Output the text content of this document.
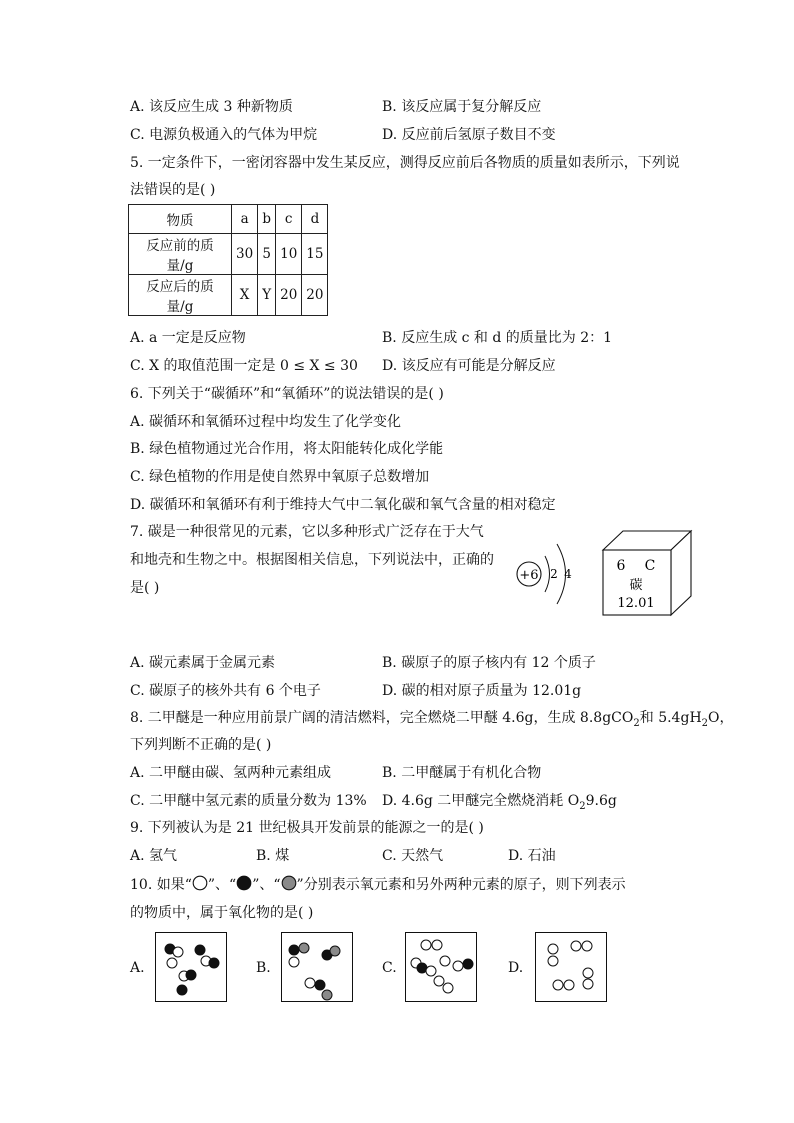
A. 该反应生成 3 种新物质	B. 该反应属于复分解反应
C. 电源负极通入的气体为甲烷	D. 反应前后氢原子数目不变
5. 一定条件下，一密闭容器中发生某反应，测得反应前后各物质的质量如表所示，下列说
法错误的是( )
物质	a	b	c	d
反应前的质量/g	30	5	10	15
反应后的质量/g	X	Y	20	20
A. a 一定是反应物	B. 反应生成 c 和 d 的质量比为 2：1
C. X 的取值范围一定是 0 ≤ X ≤ 30 D. 该反应有可能是分解反应
6. 下列关于“碳循环”和“氧循环”的说法错误的是( )
A. 碳循环和氧循环过程中均发生了化学变化
B. 绿色植物通过光合作用，将太阳能转化成化学能
C. 绿色植物的作用是使自然界中氧原子总数增加
D. 碳循环和氧循环有利于维持大气中二氧化碳和氧气含量的相对稳定
7. 碳是一种很常见的元素，它以多种形式广泛存在于大气
和地壳和生物之中。根据图相关信息，下列说法中，正确的
是( )
+6 2 4	6 C
碳
12.01
A. 碳元素属于金属元素	B. 碳原子的原子核内有 12 个质子
C. 碳原子的核外共有 6 个电子	D. 碳的相对原子质量为 12.01g
8. 二甲醚是一种应用前景广阔的清洁燃料，完全燃烧二甲醚 4.6g，生成 8.8gCO$_2$和 $5.4gH_2O$，
下列判断不正确的是( )
A. 二甲醚由碳、氢两种元素组成	B. 二甲醚属于有机化合物
C. 二甲醚中氢元素的质量分数为 13% D. 4.6g 二甲醚完全燃烧消耗 $O_29.6g$
9. 下列被认为是 21 世纪极具开发前景的能源之一的是( )
A. 氢气	B. 煤	C. 天然气	D. 石油
10. 如果“ ”、“ ”、“ ”分别表示氧元素和另外两种元素的原子，则下列表示
的物质中，属于氧化物的是( )
A.	B.	C.	D.
